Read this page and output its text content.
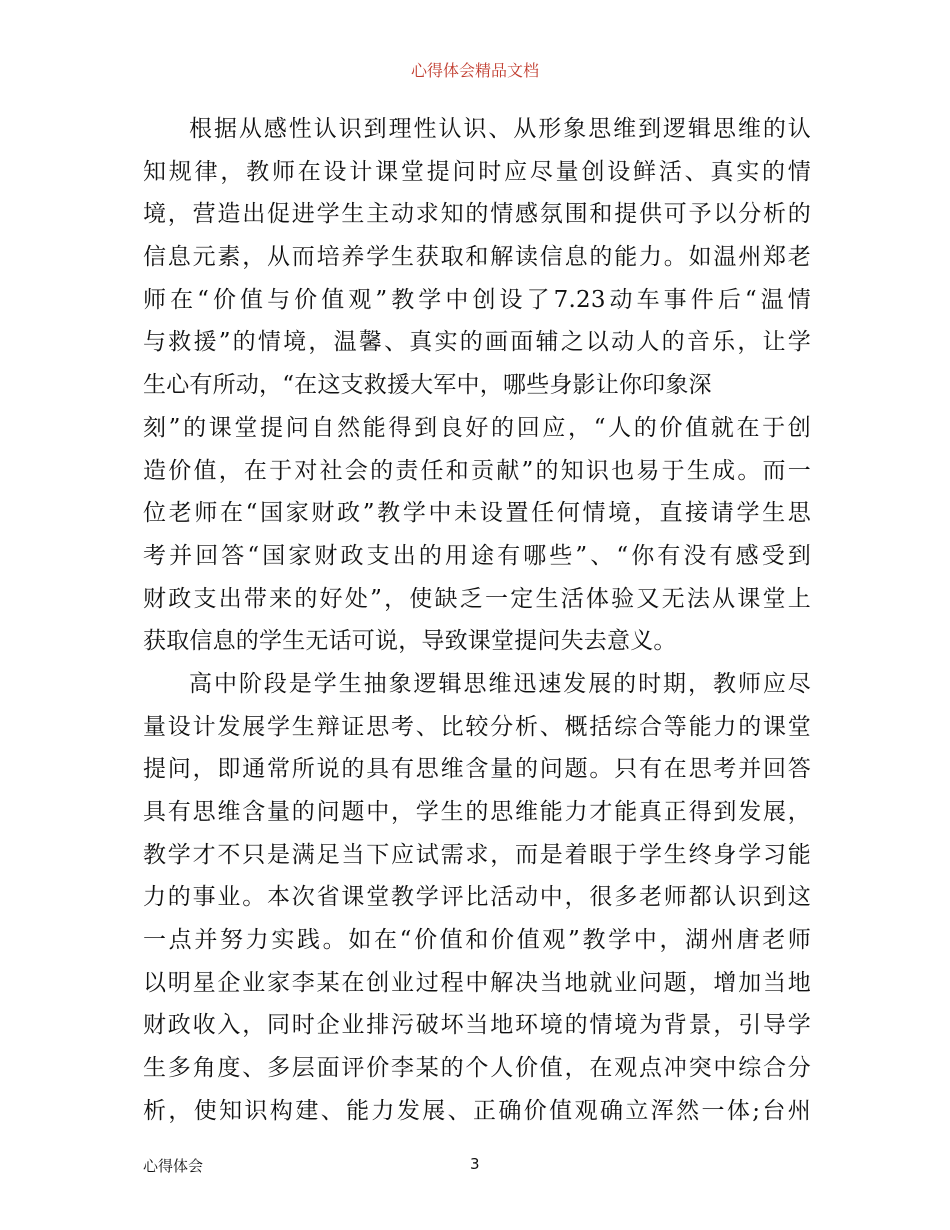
心得体会精品文档
根据从感性认识到理性认识、从形象思维到逻辑思维的认
知规律，教师在设计课堂提问时应尽量创设鲜活、真实的情
境，营造出促进学生主动求知的情感氛围和提供可予以分析的
信息元素，从而培养学生获取和解读信息的能力。如温州郑老
师在“价值与价值观”教学中创设了7.23动车事件后“温情
与救援”的情境，温馨、真实的画面辅之以动人的音乐，让学
生心有所动，“在这支救援大军中，哪些身影让你印象深
刻”的课堂提问自然能得到良好的回应，“人的价值就在于创
造价值，在于对社会的责任和贡献”的知识也易于生成。而一
位老师在“国家财政”教学中未设置任何情境，直接请学生思
考并回答“国家财政支出的用途有哪些”、“你有没有感受到
财政支出带来的好处”，使缺乏一定生活体验又无法从课堂上
获取信息的学生无话可说，导致课堂提问失去意义。
高中阶段是学生抽象逻辑思维迅速发展的时期，教师应尽
量设计发展学生辩证思考、比较分析、概括综合等能力的课堂
提问，即通常所说的具有思维含量的问题。只有在思考并回答
具有思维含量的问题中，学生的思维能力才能真正得到发展，
教学才不只是满足当下应试需求，而是着眼于学生终身学习能
力的事业。本次省课堂教学评比活动中，很多老师都认识到这
一点并努力实践。如在“价值和价值观”教学中，湖州唐老师
以明星企业家李某在创业过程中解决当地就业问题，增加当地
财政收入，同时企业排污破坏当地环境的情境为背景，引导学
生多角度、多层面评价李某的个人价值，在观点冲突中综合分
析，使知识构建、能力发展、正确价值观确立浑然一体;台州
心得体会	3
